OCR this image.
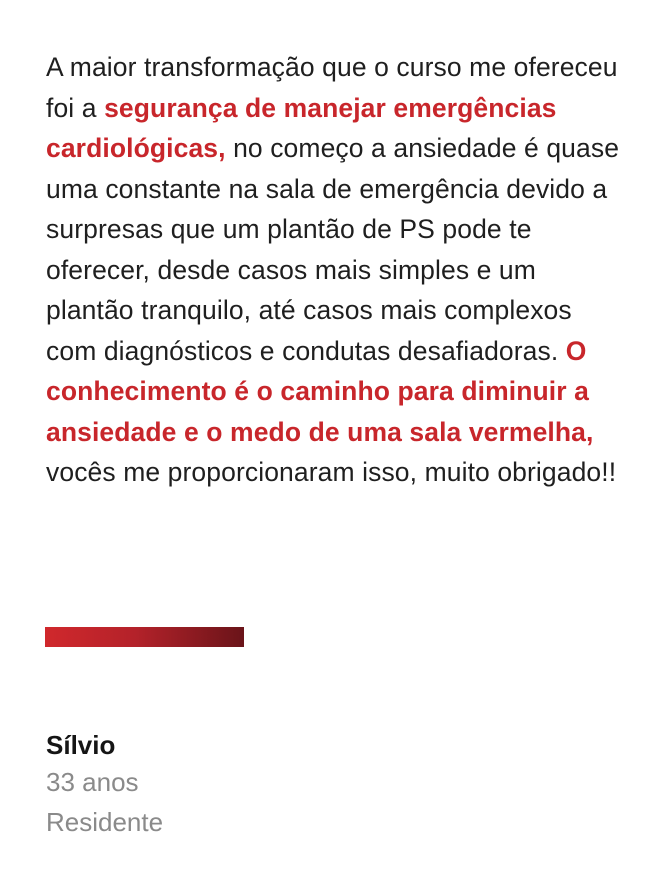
A maior transformação que o curso me ofereceu foi a segurança de manejar emergências cardiológicas, no começo a ansiedade é quase uma constante na sala de emergência devido a surpresas que um plantão de PS pode te oferecer, desde casos mais simples e um plantão tranquilo, até casos mais complexos com diagnósticos e condutas desafiadoras. O conhecimento é o caminho para diminuir a ansiedade e o medo de uma sala vermelha, vocês me proporcionaram isso, muito obrigado!!

Sílvio
33 anos
Residente
